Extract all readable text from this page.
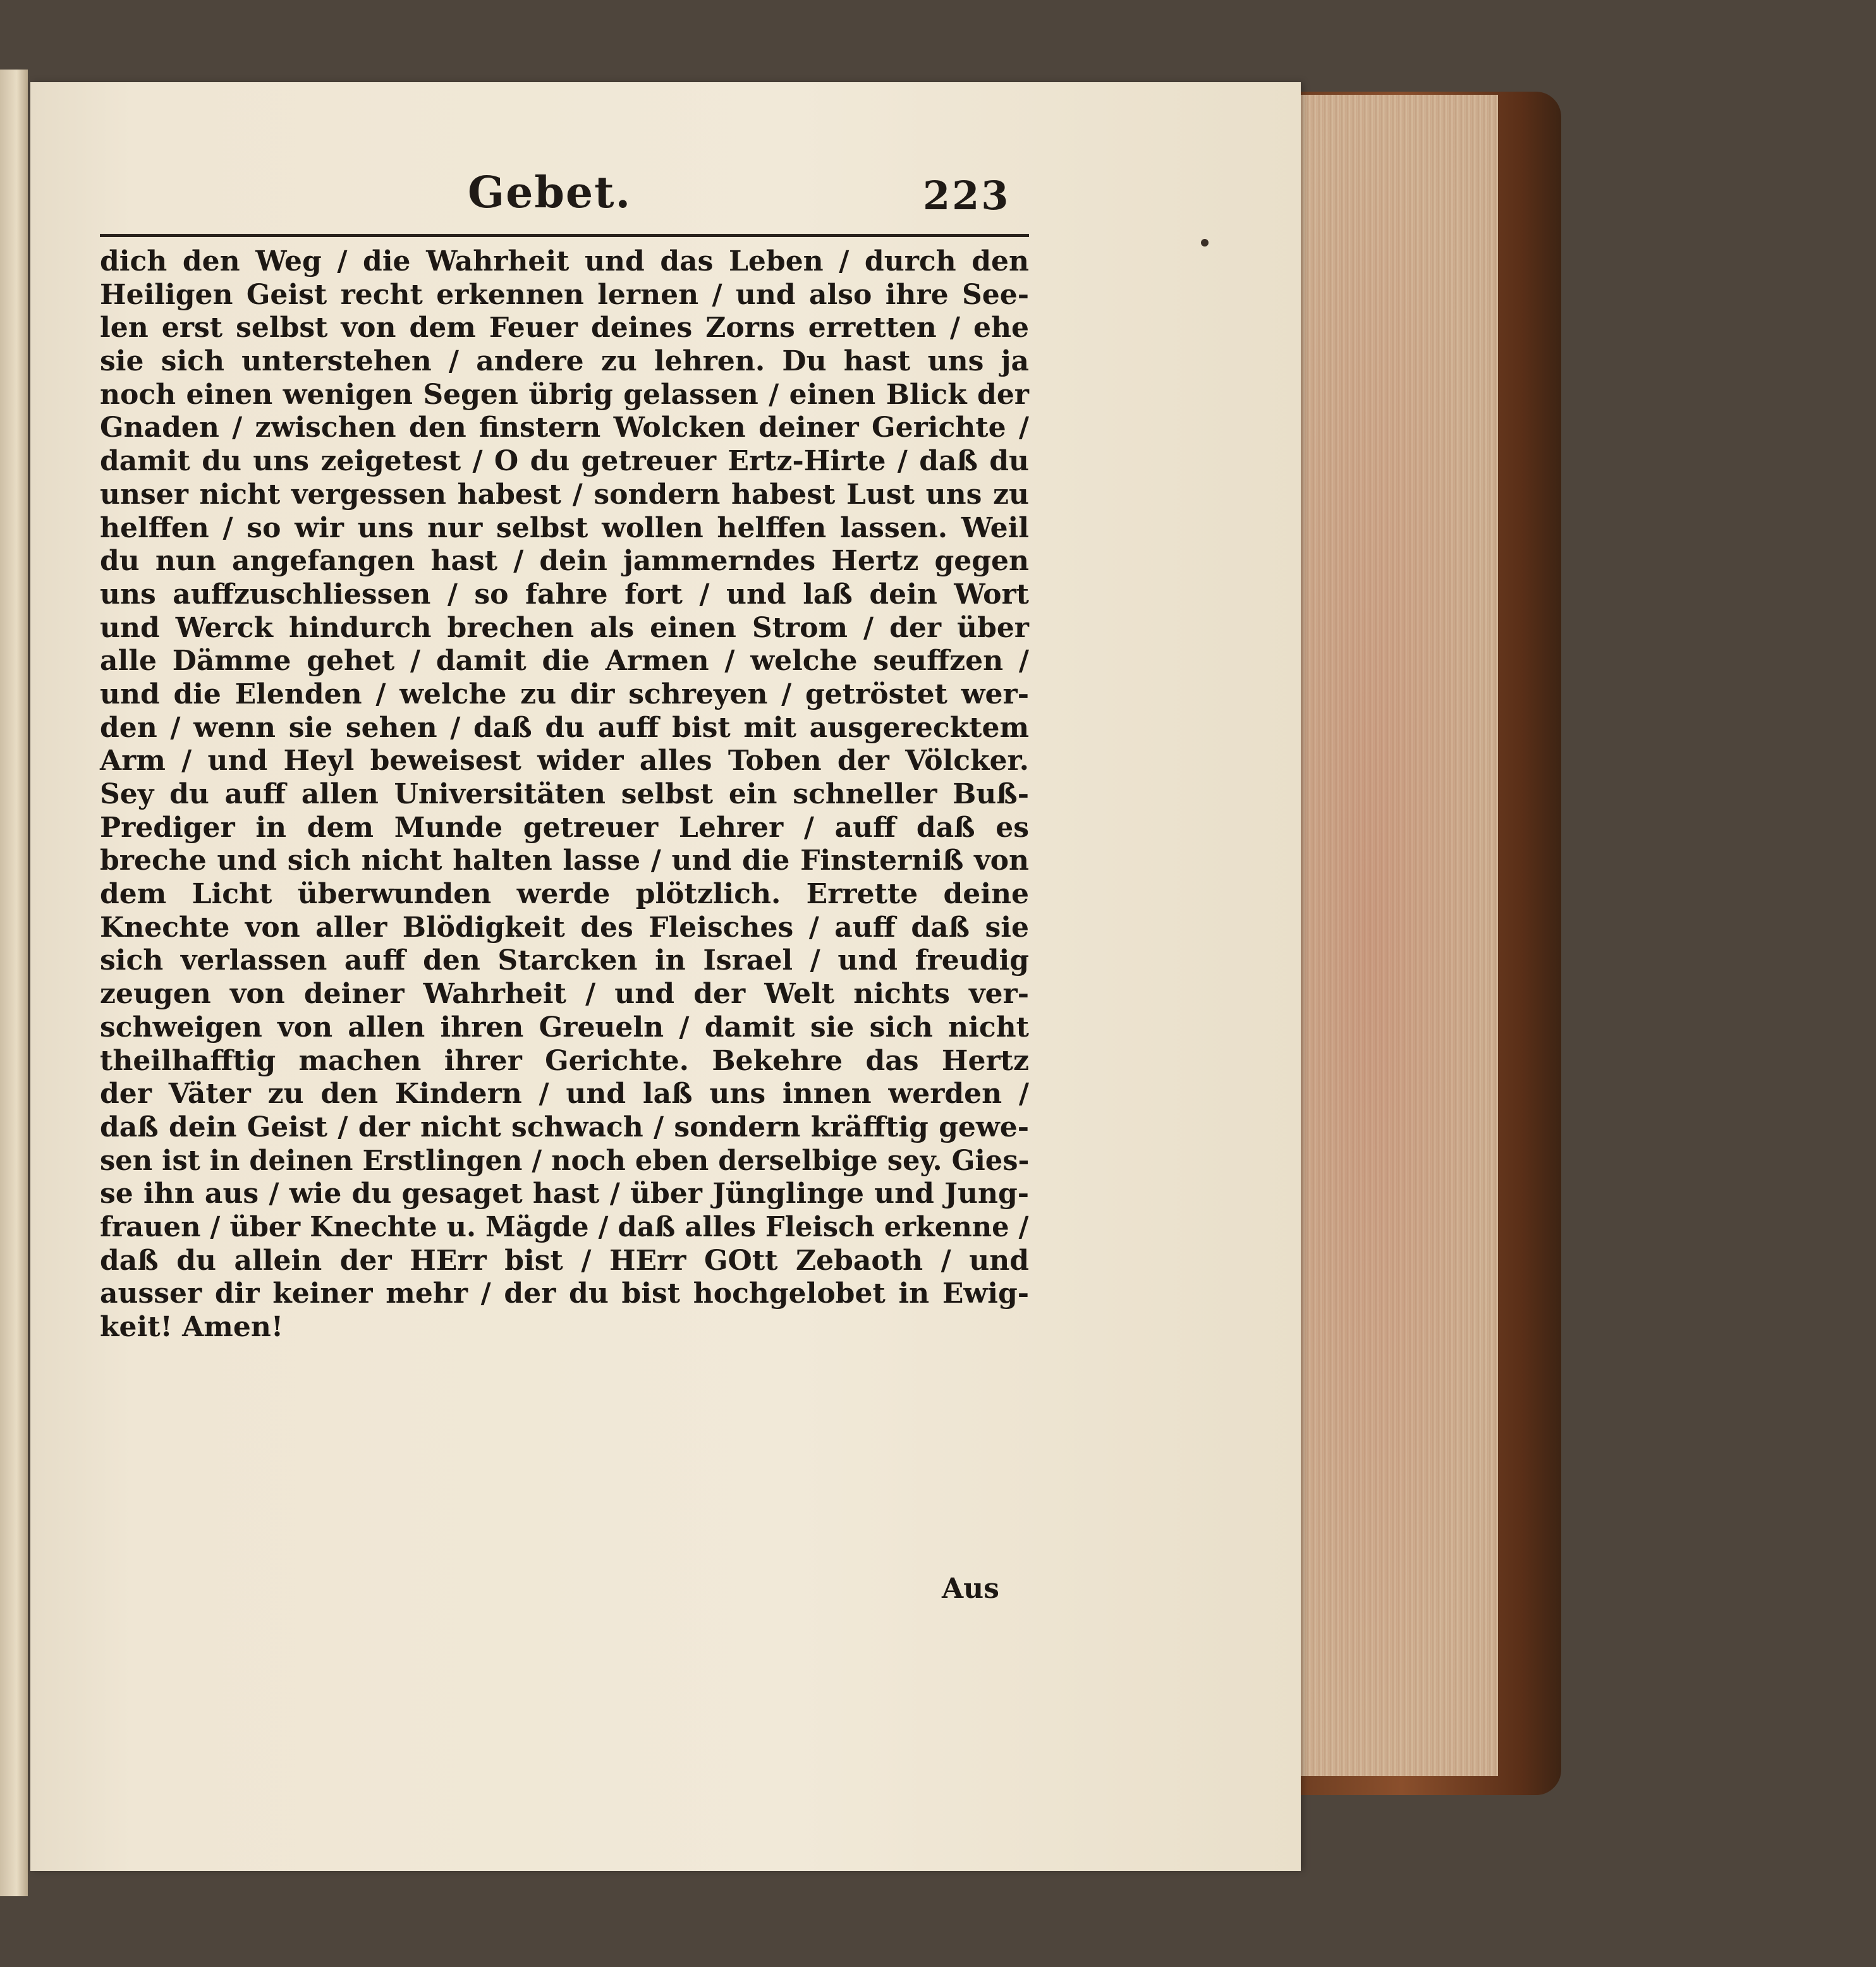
Gebet.	223
dich den Weg / die Wahrheit und das Leben / durch den
Heiligen Geist recht erkennen lernen / und also ihre See-
len erst selbst von dem Feuer deines Zorns erretten / ehe
sie sich unterstehen / andere zu lehren. Du hast uns ja
noch einen wenigen Segen übrig gelassen / einen Blick der
Gnaden / zwischen den finstern Wolcken deiner Gerichte /
damit du uns zeigetest / O du getreuer Ertz-Hirte / daß du
unser nicht vergessen habest / sondern habest Lust uns zu
helffen / so wir uns nur selbst wollen helffen lassen. Weil
du nun angefangen hast / dein jammerndes Hertz gegen
uns auffzuschliessen / so fahre fort / und laß dein Wort
und Werck hindurch brechen als einen Strom / der über
alle Dämme gehet / damit die Armen / welche seuffzen /
und die Elenden / welche zu dir schreyen / getröstet wer-
den / wenn sie sehen / daß du auff bist mit ausgerecktem
Arm / und Heyl beweisest wider alles Toben der Völcker.
Sey du auff allen Universitäten selbst ein schneller Buß-
Prediger in dem Munde getreuer Lehrer / auff daß es
breche und sich nicht halten lasse / und die Finsterniß von
dem Licht überwunden werde plötzlich. Errette deine
Knechte von aller Blödigkeit des Fleisches / auff daß sie
sich verlassen auff den Starcken in Israel / und freudig
zeugen von deiner Wahrheit / und der Welt nichts ver-
schweigen von allen ihren Greueln / damit sie sich nicht
theilhafftig machen ihrer Gerichte. Bekehre das Hertz
der Väter zu den Kindern / und laß uns innen werden /
daß dein Geist / der nicht schwach / sondern kräfftig gewe-
sen ist in deinen Erstlingen / noch eben derselbige sey. Gies-
se ihn aus / wie du gesaget hast / über Jünglinge und Jung-
frauen / über Knechte u. Mägde / daß alles Fleisch erkenne /
daß du allein der HErr bist / HErr GOtt Zebaoth / und
ausser dir keiner mehr / der du bist hochgelobet in Ewig-
keit! Amen!
Aus
